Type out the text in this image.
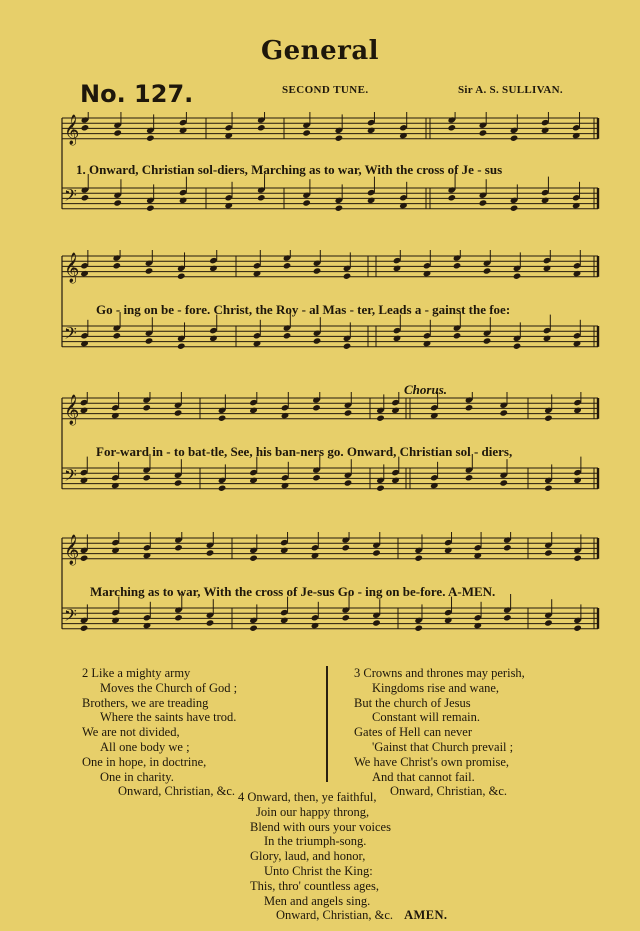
General
No. 127.	SECOND TUNE.	Sir A. S. SULLIVAN.
𝄞
𝄢
1. Onward, Christian sol-diers, Marching as to war, With the cross of Je - sus
𝄞
𝄢
Go - ing on be - fore. Christ, the Roy - al Mas - ter, Leads a - gainst the foe:
𝄞
𝄢
Chorus.
For-ward in - to bat-tle, See, his ban-ners go. Onward, Christian sol - diers,
𝄞
𝄢
Marching as to war, With the cross of Je-sus Go - ing on be-fore. A-MEN.
2 Like a mighty army
Moves the Church of God ;
Brothers, we are treading
Where the saints have trod.
We are not divided,
All one body we ;
One in hope, in doctrine,
One in charity.
Onward, Christian, &c.
3 Crowns and thrones may perish,
Kingdoms rise and wane,
But the church of Jesus
Constant will remain.
Gates of Hell can never
'Gainst that Church prevail ;
We have Christ's own promise,
And that cannot fail.
Onward, Christian, &c.
4 Onward, then, ye faithful,
Join our happy throng,
Blend with ours your voices
In the triumph-song.
Glory, laud, and honor,
Unto Christ the King:
This, thro' countless ages,
Men and angels sing.
Onward, Christian, &c. AMEN.
